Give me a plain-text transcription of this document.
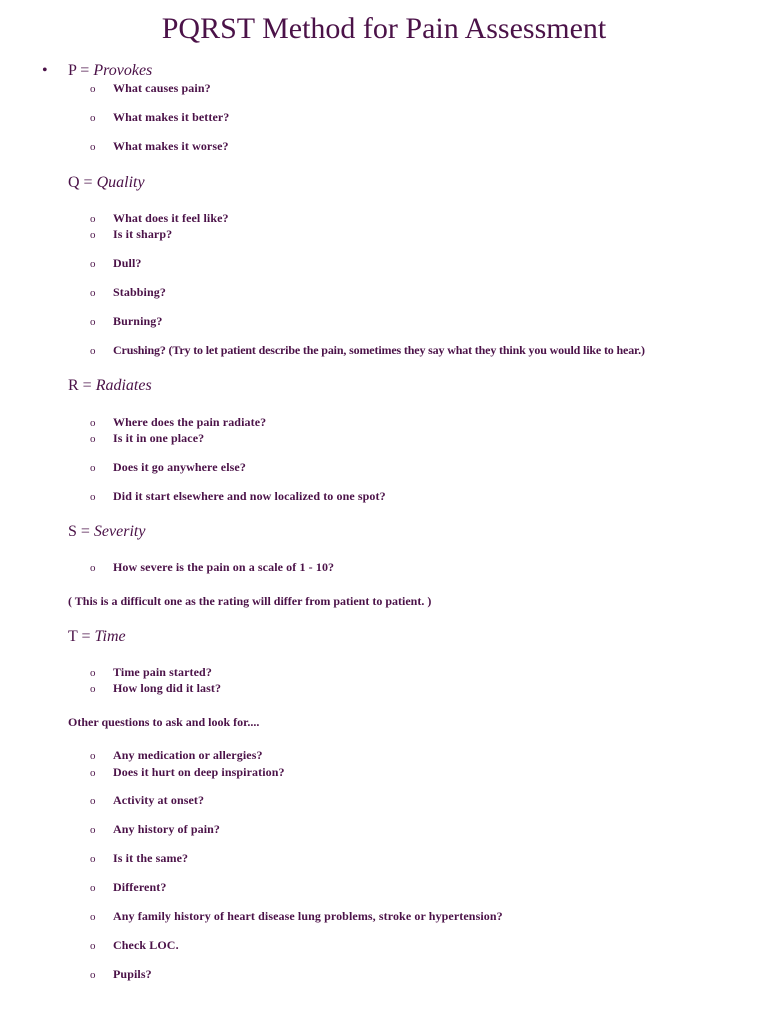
PQRST Method for Pain Assessment
• P = Provokes
o What causes pain?
o What makes it better?
o What makes it worse?
Q = Quality
o What does it feel like?
o Is it sharp?
o Dull?
o Stabbing?
o Burning?
o Crushing? (Try to let patient describe the pain, sometimes they say what they think you would like to hear.)
R = Radiates
o Where does the pain radiate?
o Is it in one place?
o Does it go anywhere else?
o Did it start elsewhere and now localized to one spot?
S = Severity
o How severe is the pain on a scale of 1 - 10?
( This is a difficult one as the rating will differ from patient to patient. )
T = Time
o Time pain started?
o How long did it last?
Other questions to ask and look for....
o Any medication or allergies?
o Does it hurt on deep inspiration?
o Activity at onset?
o Any history of pain?
o Is it the same?
o Different?
o Any family history of heart disease lung problems, stroke or hypertension?
o Check LOC.
o Pupils?
